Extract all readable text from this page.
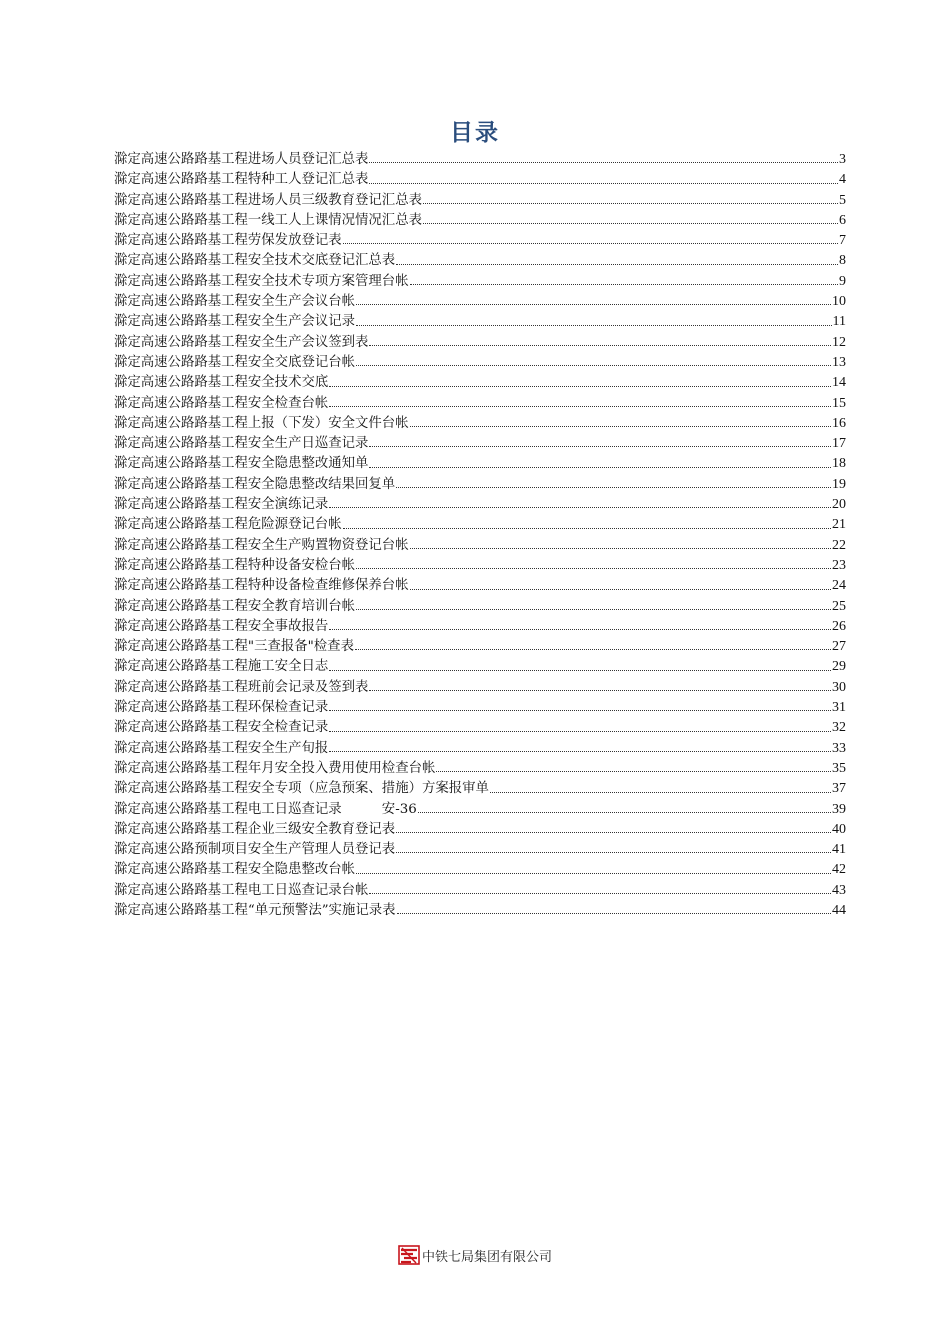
目录
滁定高速公路路基工程进场人员登记汇总表	3
滁定高速公路路基工程特种工人登记汇总表	4
滁定高速公路路基工程进场人员三级教育登记汇总表	5
滁定高速公路路基工程一线工人上课情况情况汇总表	6
滁定高速公路路基工程劳保发放登记表	7
滁定高速公路路基工程安全技术交底登记汇总表	8
滁定高速公路路基工程安全技术专项方案管理台帐	9
滁定高速公路路基工程安全生产会议台帐	10
滁定高速公路路基工程安全生产会议记录	11
滁定高速公路路基工程安全生产会议签到表	12
滁定高速公路路基工程安全交底登记台帐	13
滁定高速公路路基工程安全技术交底	14
滁定高速公路路基工程安全检查台帐	15
滁定高速公路路基工程上报（下发）安全文件台帐	16
滁定高速公路路基工程安全生产日巡查记录	17
滁定高速公路路基工程安全隐患整改通知单	18
滁定高速公路路基工程安全隐患整改结果回复单	19
滁定高速公路路基工程安全演练记录	20
滁定高速公路路基工程危险源登记台帐	21
滁定高速公路路基工程安全生产购置物资登记台帐	22
滁定高速公路路基工程特种设备安检台帐	23
滁定高速公路路基工程特种设备检查维修保养台帐	24
滁定高速公路路基工程安全教育培训台帐	25
滁定高速公路路基工程安全事故报告	26
滁定高速公路路基工程"三查报备"检查表	27
滁定高速公路路基工程施工安全日志	29
滁定高速公路路基工程班前会记录及签到表	30
滁定高速公路路基工程环保检查记录	31
滁定高速公路路基工程安全检查记录	32
滁定高速公路路基工程安全生产旬报	33
滁定高速公路路基工程年月安全投入费用使用检查台帐	35
滁定高速公路路基工程安全专项（应急预案、措施）方案报审单	37
滁定高速公路路基工程电工日巡查记录　　　安-36	39
滁定高速公路路基工程企业三级安全教育登记表	40
滁定高速公路预制项目安全生产管理人员登记表	41
滁定高速公路路基工程安全隐患整改台帐	42
滁定高速公路路基工程电工日巡查记录台帐	43
滁定高速公路路基工程“单元预警法”实施记录表	44
中铁七局集团有限公司
